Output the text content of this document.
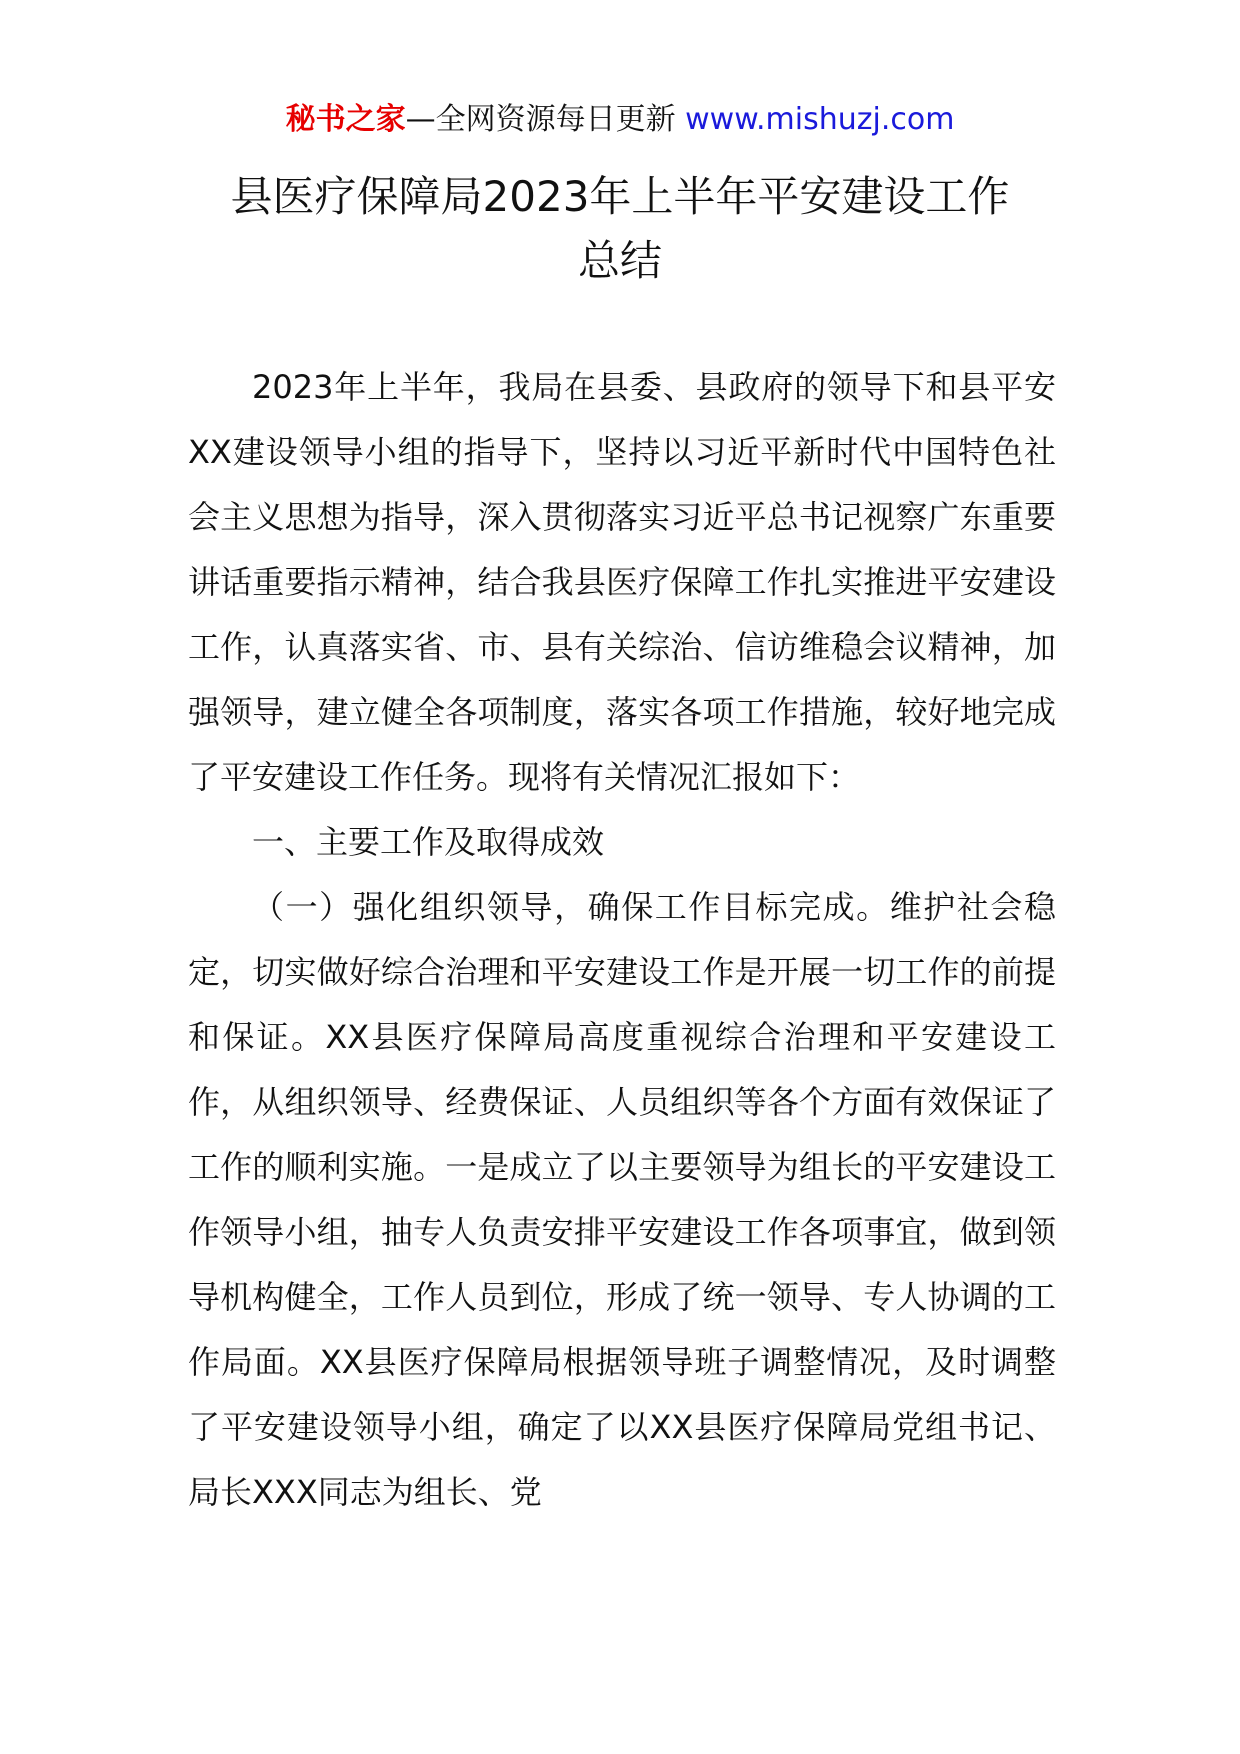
秘书之家—全网资源每日更新 www.mishuzj.com
县医疗保障局2023年上半年平安建设工作
总结

2023年上半年，我局在县委、县政府的领导下和县平安XX建设领导小组的指导下，坚持以习近平新时代中国特色社会主义思想为指导，深入贯彻落实习近平总书记视察广东重要讲话重要指示精神，结合我县医疗保障工作扎实推进平安建设工作，认真落实省、市、县有关综治、信访维稳会议精神，加强领导，建立健全各项制度，落实各项工作措施，较好地完成了平安建设工作任务。现将有关情况汇报如下：

一、主要工作及取得成效

（一）强化组织领导，确保工作目标完成。维护社会稳定，切实做好综合治理和平安建设工作是开展一切工作的前提和保证。XX县医疗保障局高度重视综合治理和平安建设工作，从组织领导、经费保证、人员组织等各个方面有效保证了工作的顺利实施。一是成立了以主要领导为组长的平安建设工作领导小组，抽专人负责安排平安建设工作各项事宜，做到领导机构健全，工作人员到位，形成了统一领导、专人协调的工作局面。XX县医疗保障局根据领导班子调整情况，及时调整了平安建设领导小组，确定了以XX县医疗保障局党组书记、局长XXX同志为组长、党
